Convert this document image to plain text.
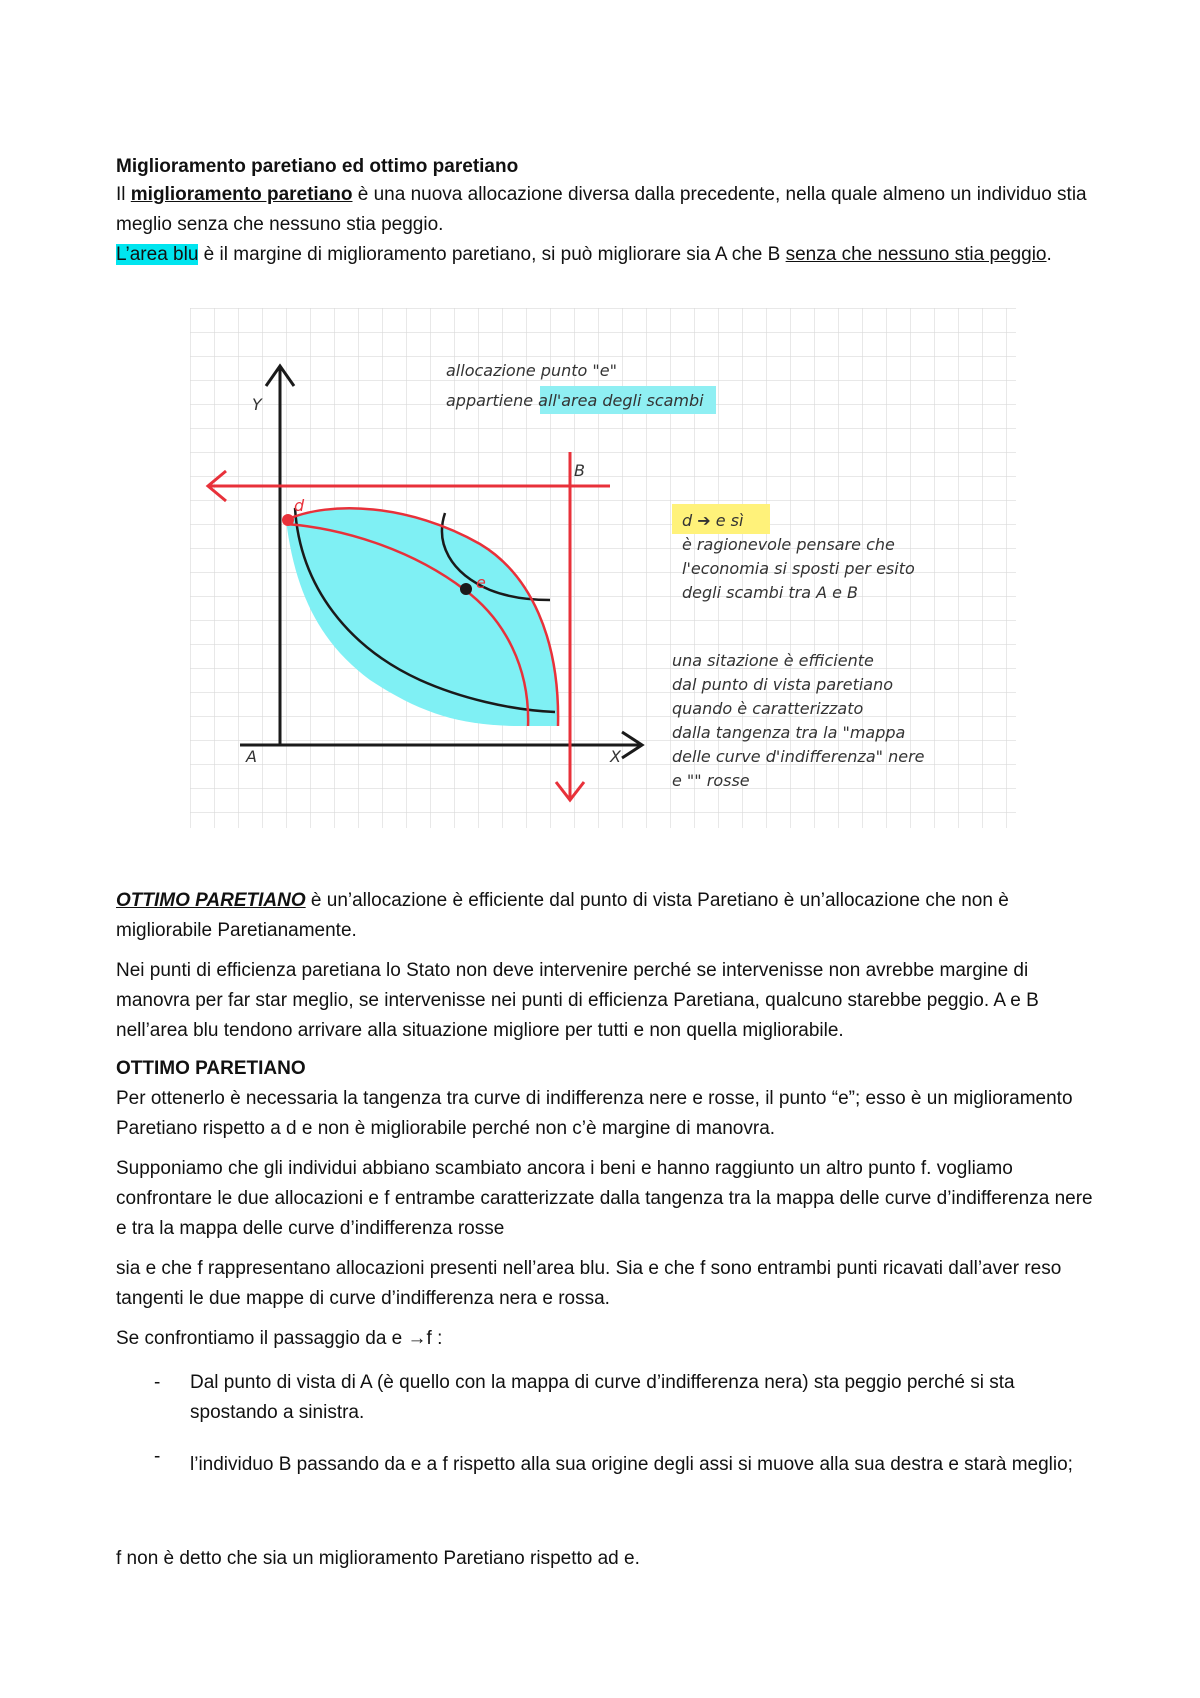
Miglioramento paretiano ed ottimo paretiano
Il miglioramento paretiano è una nuova allocazione diversa dalla precedente, nella quale almeno un individuo stia meglio senza che nessuno stia peggio.
L’area blu è il margine di miglioramento paretiano, si può migliorare sia A che B senza che nessuno stia peggio.
Y
X
A
B
d
e
allocazione punto "e"
appartiene all'area degli scambi
d ➔ e sì
è ragionevole pensare che
l'economia si sposti per esito
degli scambi tra A e B
una sitazione è efficiente
dal punto di vista paretiano
quando è caratterizzato
dalla tangenza tra la "mappa
delle curve d'indifferenza" nere
e "" rosse
OTTIMO PARETIANO è un’allocazione è efficiente dal punto di vista Paretiano è un’allocazione che non è migliorabile Paretianamente.
Nei punti di efficienza paretiana lo Stato non deve intervenire perché se intervenisse non avrebbe margine di manovra per far star meglio, se intervenisse nei punti di efficienza Paretiana, qualcuno starebbe peggio. A e B nell’area blu tendono arrivare alla situazione migliore per tutti e non quella migliorabile.
OTTIMO PARETIANO
Per ottenerlo è necessaria la tangenza tra curve di indifferenza nere e rosse, il punto “e”; esso è un miglioramento Paretiano rispetto a d e non è migliorabile perché non c’è margine di manovra.
Supponiamo che gli individui abbiano scambiato ancora i beni e hanno raggiunto un altro punto f. vogliamo confrontare le due allocazioni e f entrambe caratterizzate dalla tangenza tra la mappa delle curve d’indifferenza nere e tra la mappa delle curve d’indifferenza rosse
sia e che f rappresentano allocazioni presenti nell’area blu. Sia e che f sono entrambi punti ricavati dall’aver reso tangenti le due mappe di curve d’indifferenza nera e rossa.
Se confrontiamo il passaggio da e →f :
- Dal punto di vista di A (è quello con la mappa di curve d’indifferenza nera) sta peggio perché si sta spostando a sinistra.
- l’individuo B passando da e a f rispetto alla sua origine degli assi si muove alla sua destra e starà meglio;
f non è detto che sia un miglioramento Paretiano rispetto ad e.
